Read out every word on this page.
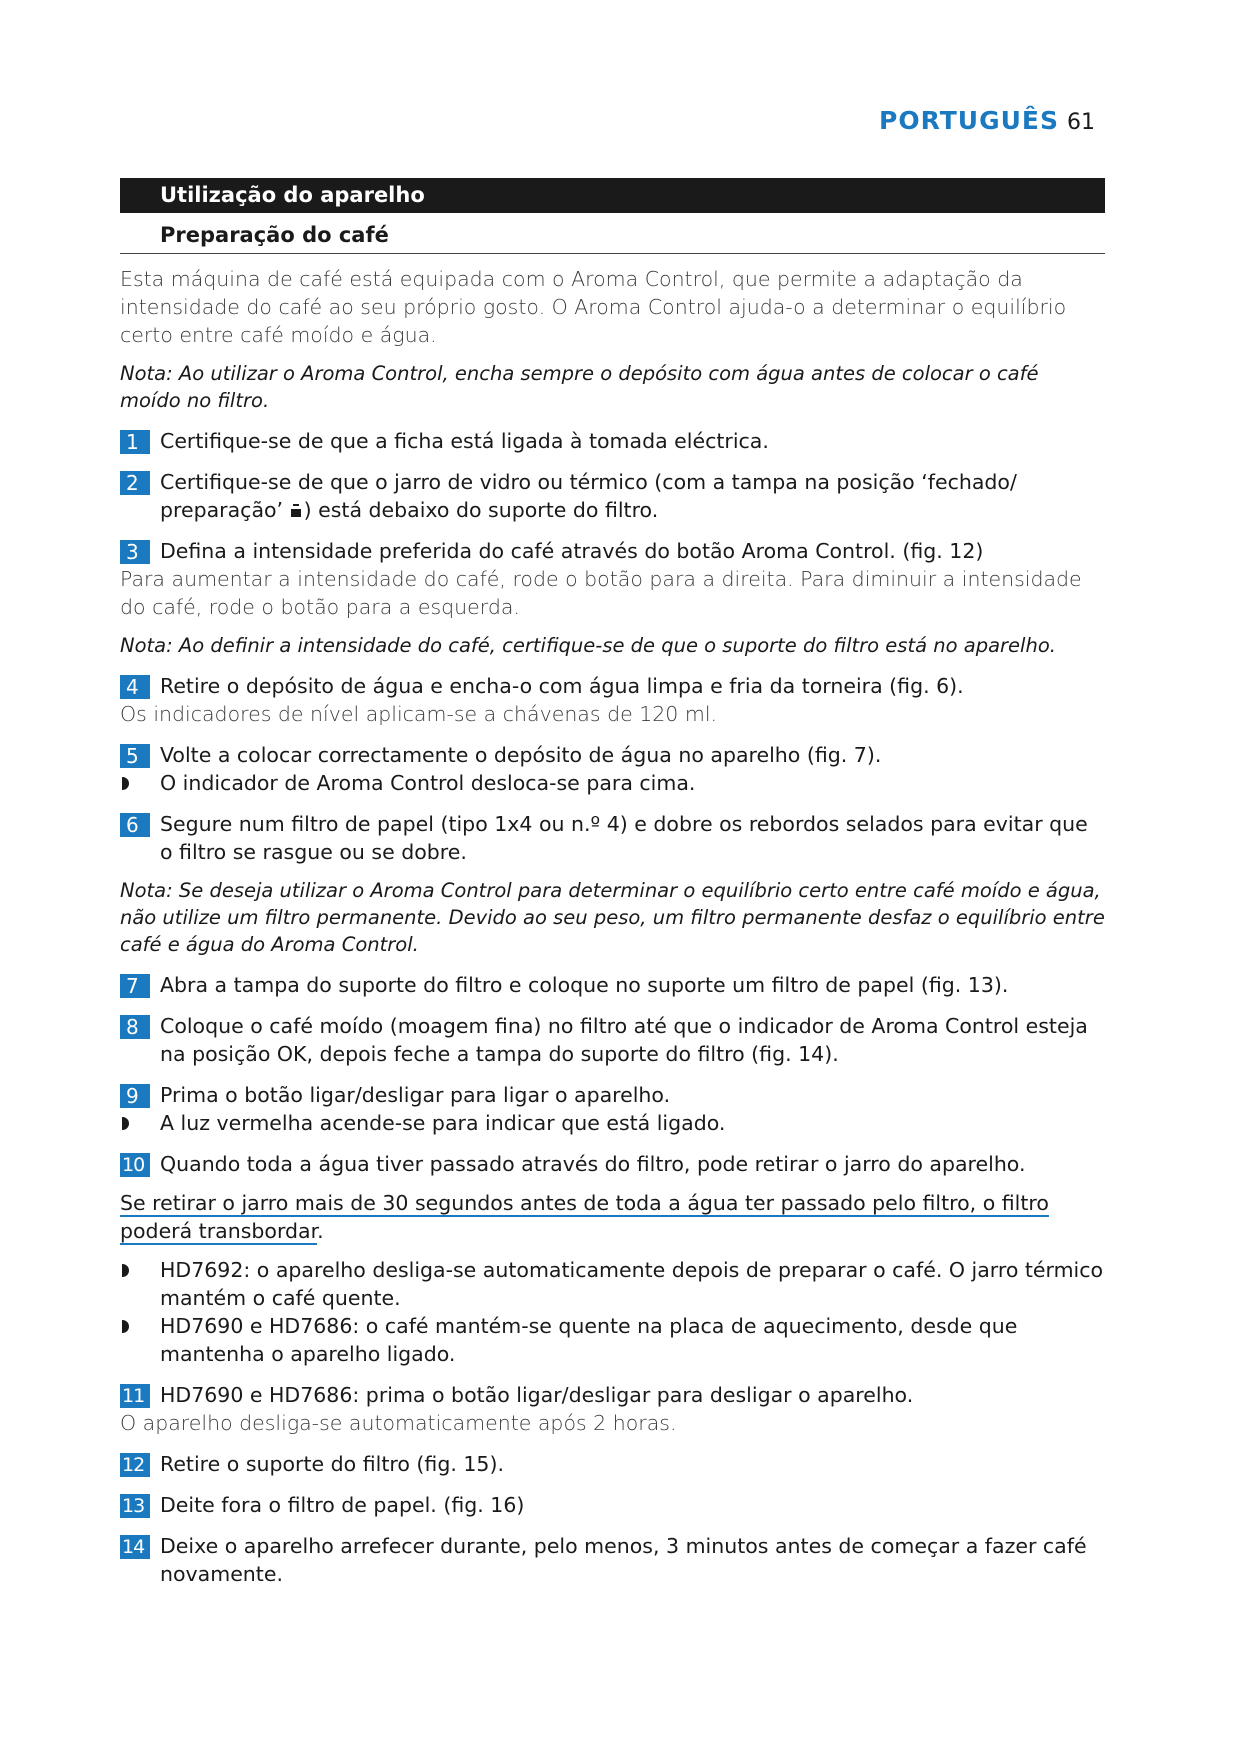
PORTUGUÊS 61
Utilização do aparelho
Preparação do café
Esta máquina de café está equipada com o Aroma Control, que permite a adaptação da intensidade do café ao seu próprio gosto. O Aroma Control ajuda-o a determinar o equilíbrio certo entre café moído e água.
Nota: Ao utilizar o Aroma Control, encha sempre o depósito com água antes de colocar o café moído no filtro.
1	Certifique-se de que a ficha está ligada à tomada eléctrica.
2	Certifique-se de que o jarro de vidro ou térmico (com a tampa na posição ‘fechado/ preparação’ ) está debaixo do suporte do filtro.
3	Defina a intensidade preferida do café através do botão Aroma Control. (fig. 12)
Para aumentar a intensidade do café, rode o botão para a direita. Para diminuir a intensidade do café, rode o botão para a esquerda.
Nota: Ao definir a intensidade do café, certifique-se de que o suporte do filtro está no aparelho.
4	Retire o depósito de água e encha-o com água limpa e fria da torneira (fig. 6).
Os indicadores de nível aplicam-se a chávenas de 120 ml.
5	Volte a colocar correctamente o depósito de água no aparelho (fig. 7).
O indicador de Aroma Control desloca-se para cima.
6	Segure num filtro de papel (tipo 1x4 ou n.º 4) e dobre os rebordos selados para evitar que o filtro se rasgue ou se dobre.
Nota: Se deseja utilizar o Aroma Control para determinar o equilíbrio certo entre café moído e água, não utilize um filtro permanente. Devido ao seu peso, um filtro permanente desfaz o equilíbrio entre café e água do Aroma Control.
7	Abra a tampa do suporte do filtro e coloque no suporte um filtro de papel (fig. 13).
8	Coloque o café moído (moagem fina) no filtro até que o indicador de Aroma Control esteja na posição OK, depois feche a tampa do suporte do filtro (fig. 14).
9	Prima o botão ligar/desligar para ligar o aparelho.
A luz vermelha acende-se para indicar que está ligado.
10 Quando toda a água tiver passado através do filtro, pode retirar o jarro do aparelho.
Se retirar o jarro mais de 30 segundos antes de toda a água ter passado pelo filtro, o filtro poderá transbordar.
HD7692: o aparelho desliga-se automaticamente depois de preparar o café. O jarro térmico mantém o café quente.
HD7690 e HD7686: o café mantém-se quente na placa de aquecimento, desde que mantenha o aparelho ligado.
11 HD7690 e HD7686: prima o botão ligar/desligar para desligar o aparelho.
O aparelho desliga-se automaticamente após 2 horas.
12 Retire o suporte do filtro (fig. 15).
13 Deite fora o filtro de papel. (fig. 16)
14 Deixe o aparelho arrefecer durante, pelo menos, 3 minutos antes de começar a fazer café novamente.
